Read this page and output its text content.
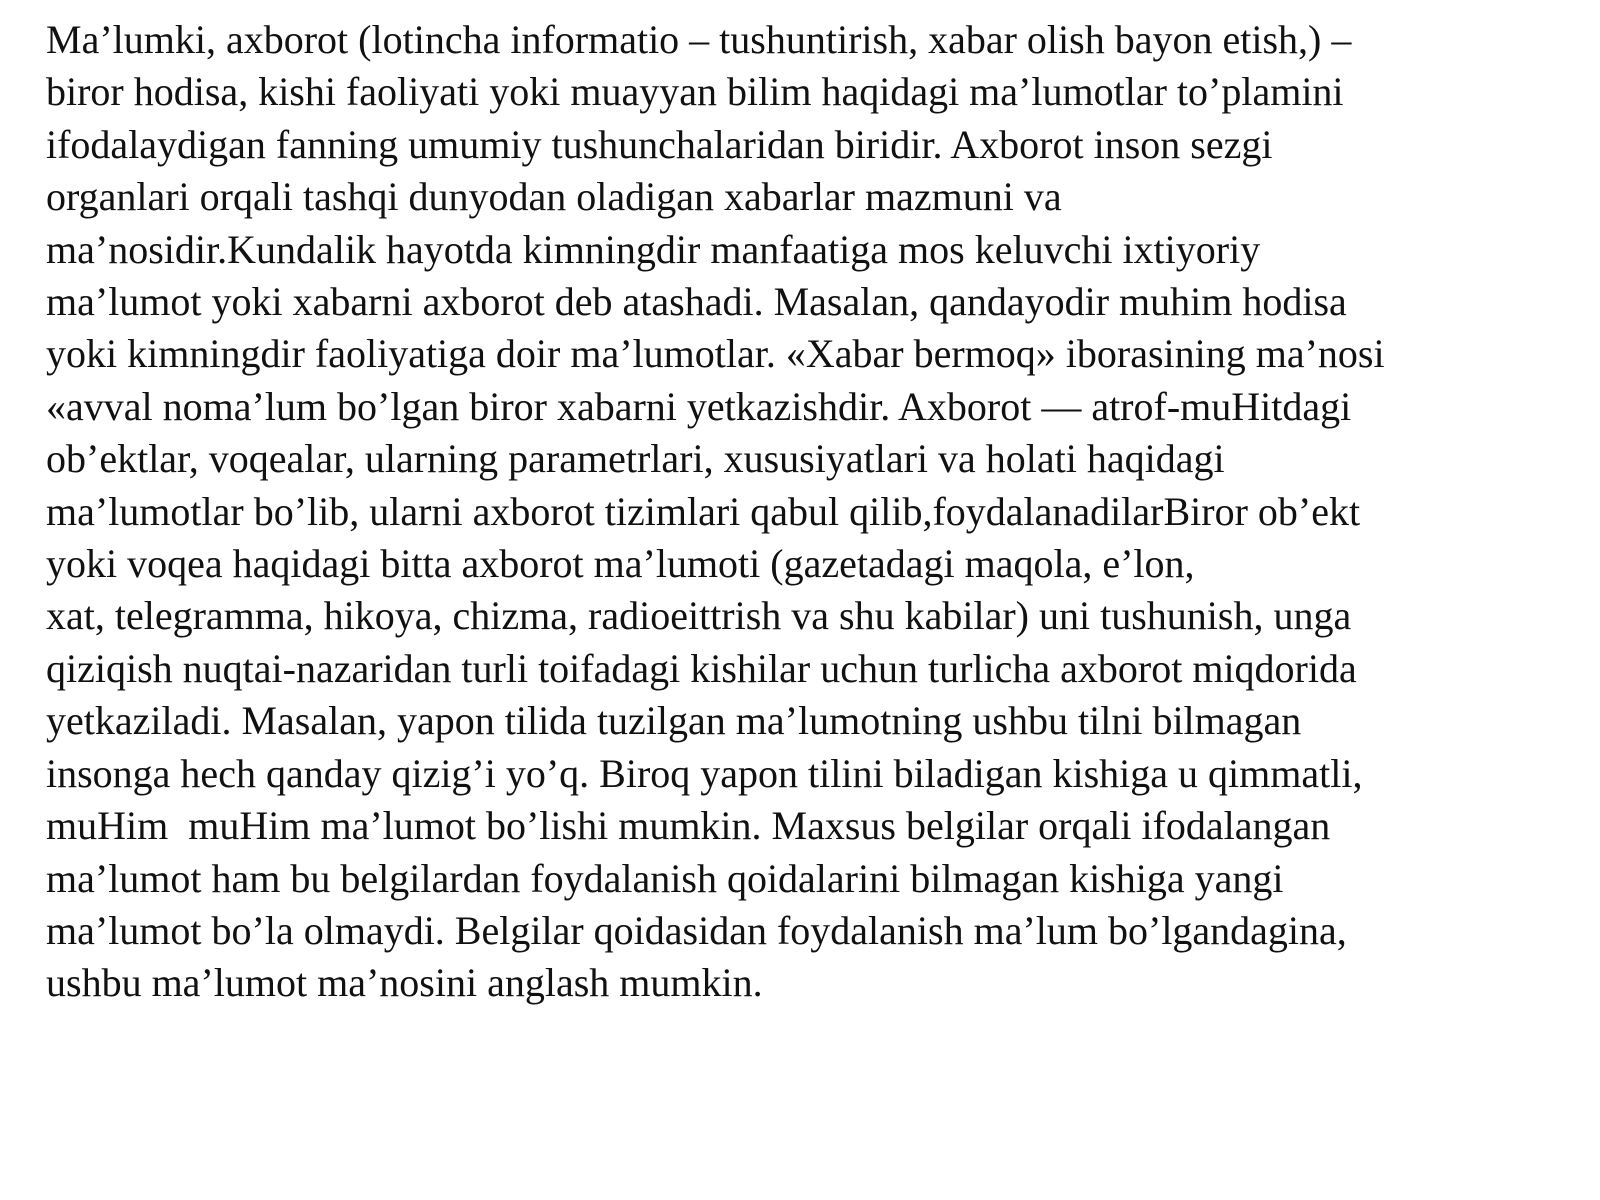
Ma’lumki, axborot (lotincha informatio – tushuntirish, xabar olish bayon etish,) –
biror hodisa, kishi faoliyati yoki muayyan bilim haqidagi ma’lumotlar to’plamini
ifodalaydigan fanning umumiy tushunchalaridan biridir. Axborot inson sezgi
organlari orqali tashqi dunyodan oladigan xabarlar mazmuni va
ma’nosidir.Kundalik hayotda kimningdir manfaatiga mos keluvchi ixtiyoriy
ma’lumot yoki xabarni axborot deb atashadi. Masalan, qandayodir muhim hodisa
yoki kimningdir faoliyatiga doir ma’lumotlar. «Xabar bermoq» iborasining ma’nosi
«avval noma’lum bo’lgan biror xabarni yetkazishdir. Axborot — atrof-muHitdagi
ob’ektlar, voqealar, ularning parametrlari, xususiyatlari va holati haqidagi
ma’lumotlar bo’lib, ularni axborot tizimlari qabul qilib,foydalanadilarBiror ob’ekt
yoki voqea haqidagi bitta axborot ma’lumoti (gazetadagi maqola, e’lon,
xat, telegramma, hikoya, chizma, radioeittrish va shu kabilar) uni tushunish, unga
qiziqish nuqtai-nazaridan turli toifadagi kishilar uchun turlicha axborot miqdorida
yetkaziladi. Masalan, yapon tilida tuzilgan ma’lumotning ushbu tilni bilmagan
insonga hech qanday qizig’i yo’q. Biroq yapon tilini biladigan kishiga u qimmatli,
muHim  muHim ma’lumot bo’lishi mumkin. Maxsus belgilar orqali ifodalangan
ma’lumot ham bu belgilardan foydalanish qoidalarini bilmagan kishiga yangi
ma’lumot bo’la olmaydi. Belgilar qoidasidan foydalanish ma’lum bo’lgandagina,
ushbu ma’lumot ma’nosini anglash mumkin.
